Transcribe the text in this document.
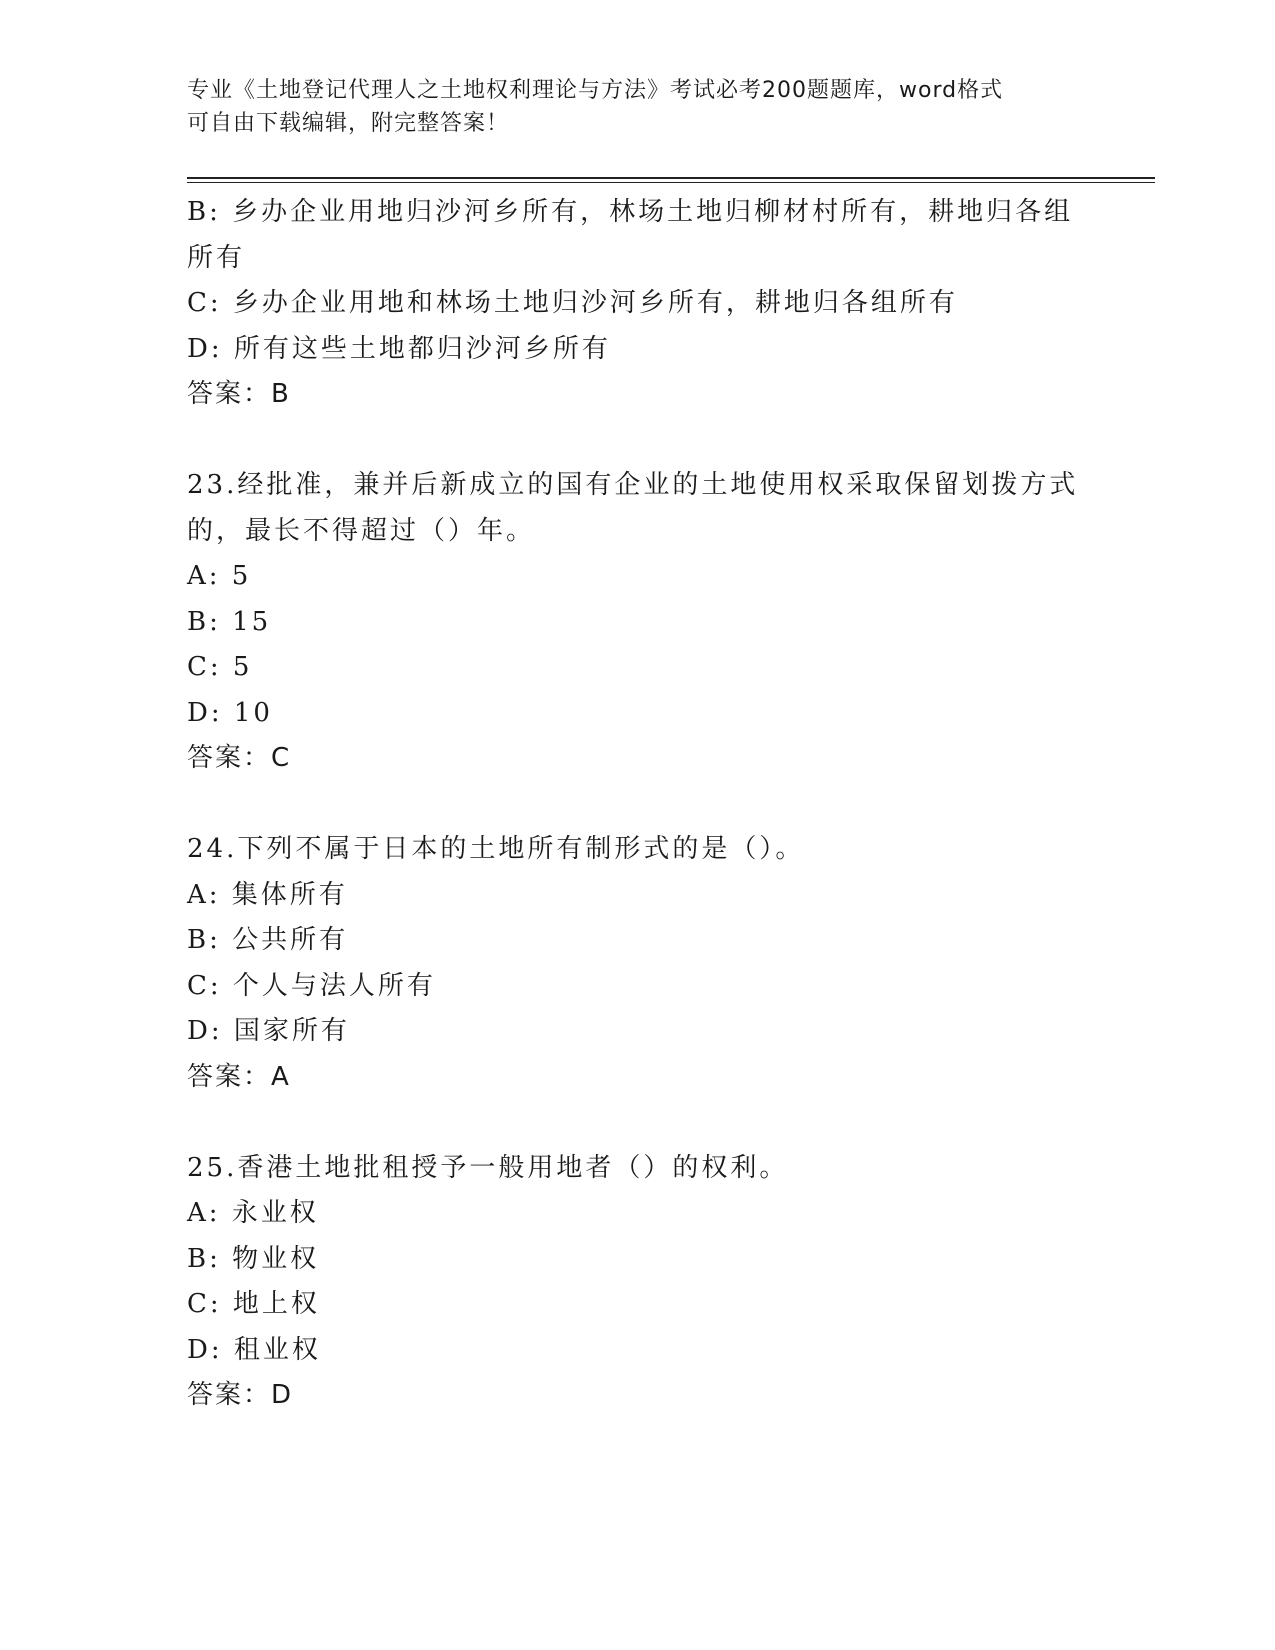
专业《土地登记代理人之土地权利理论与方法》考试必考200题题库，word格式
可自由下载编辑，附完整答案！
B: 乡办企业用地归沙河乡所有，林场土地归柳材村所有，耕地归各组
所有
C: 乡办企业用地和林场土地归沙河乡所有，耕地归各组所有
D: 所有这些土地都归沙河乡所有
答案：B
23.经批准，兼并后新成立的国有企业的土地使用权采取保留划拨方式
的，最长不得超过（）年。
A: 5
B: 15
C: 5
D: 10
答案：C
24.下列不属于日本的土地所有制形式的是（）。
A: 集体所有
B: 公共所有
C: 个人与法人所有
D: 国家所有
答案：A
25.香港土地批租授予一般用地者（）的权利。
A: 永业权
B: 物业权
C: 地上权
D: 租业权
答案：D
